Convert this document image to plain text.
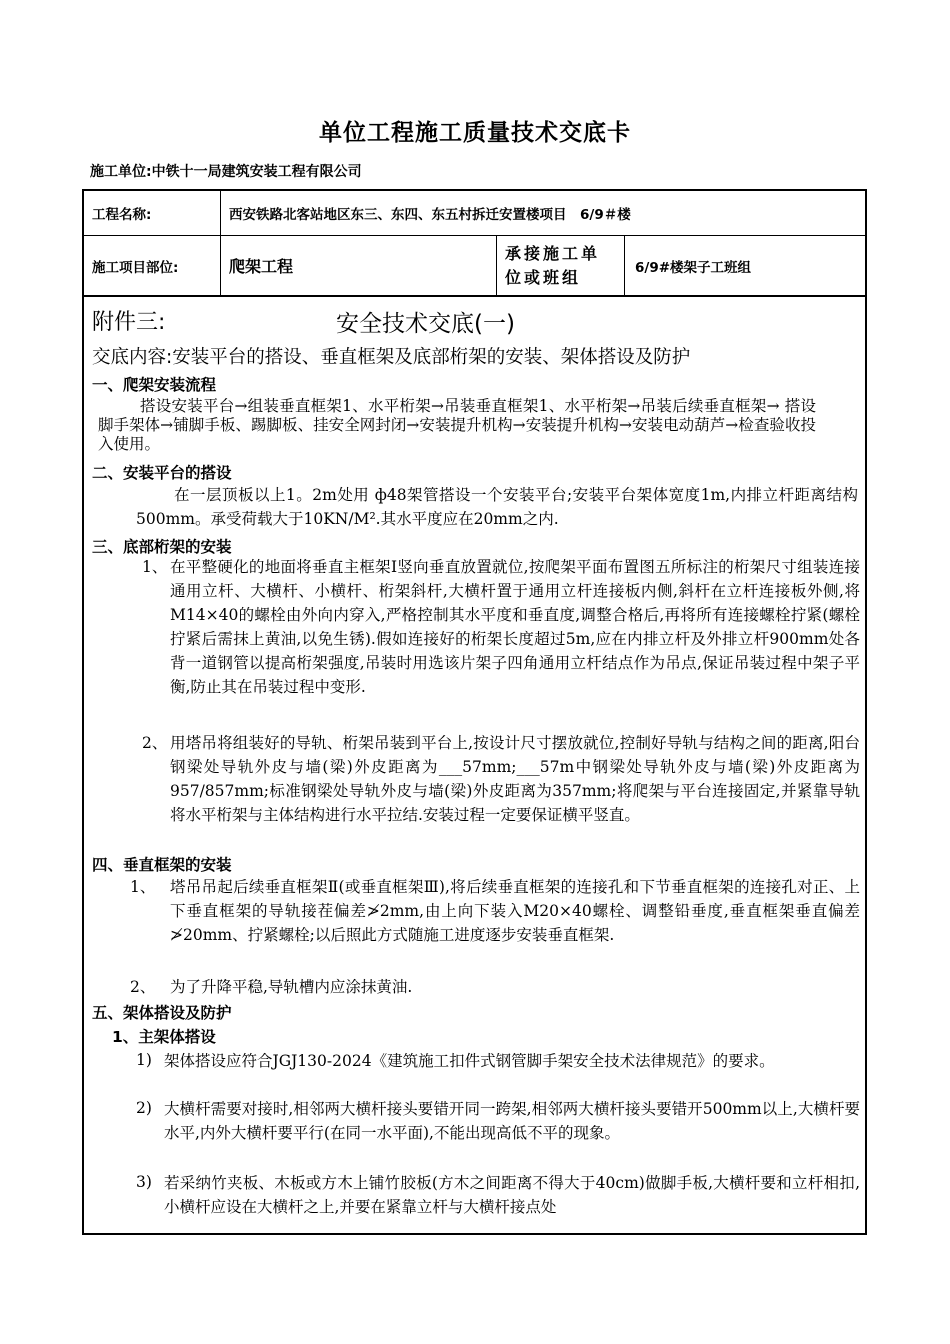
单位工程施工质量技术交底卡
施工单位:中铁十一局建筑安装工程有限公司
工程名称:	西安铁路北客站地区东三、东四、东五村拆迁安置楼项目　6/9＃楼
施工项目部位:	爬架工程
承接施工单位或班组	6/9#楼架子工班组
附件三:	安全技术交底(一)
交底内容:安装平台的搭设、垂直框架及底部桁架的安装、架体搭设及防护
一、爬架安装流程
搭设安装平台→组装垂直框架1、水平桁架→吊装垂直框架1、水平桁架→吊装后续垂直框架→ 搭设脚手架体→铺脚手板、踢脚板、挂安全网封闭→安装提升机构→安装提升机构→安装电动葫芦→检查验收投入使用。
二、安装平台的搭设
在一层顶板以上1。2m处用 ф48架管搭设一个安装平台;安装平台架体宽度1m,内排立杆距离结构500mm。承受荷载大于10KN/M².其水平度应在20mm之内.
三、底部桁架的安装
1、 在平整硬化的地面将垂直主框架Ⅰ竖向垂直放置就位,按爬架平面布置图五所标注的桁架尺寸组装连接通用立杆、大横杆、小横杆、桁架斜杆,大横杆置于通用立杆连接板内侧,斜杆在立杆连接板外侧,将M14×40的螺栓由外向内穿入,严格控制其水平度和垂直度,调整合格后,再将所有连接螺栓拧紧(螺栓拧紧后需抹上黄油,以免生锈).假如连接好的桁架长度超过5m,应在内排立杆及外排立杆900mm处各背一道钢管以提高桁架强度,吊装时用选该片架子四角通用立杆结点作为吊点,保证吊装过程中架子平衡,防止其在吊装过程中变形.
2、 用塔吊将组装好的导轨、桁架吊装到平台上,按设计尺寸摆放就位,控制好导轨与结构之间的距离,阳台钢梁处导轨外皮与墙(梁)外皮距离为___57mm;___57m中钢梁处导轨外皮与墙(梁)外皮距离为957/857mm;标准钢梁处导轨外皮与墙(梁)外皮距离为357mm;将爬架与平台连接固定,并紧靠导轨将水平桁架与主体结构进行水平拉结.安装过程一定要保证横平竖直。
四、垂直框架的安装
1、 塔吊吊起后续垂直框架Ⅱ(或垂直框架Ⅲ),将后续垂直框架的连接孔和下节垂直框架的连接孔对正、上下垂直框架的导轨接茬偏差≯2mm,由上向下装入M20×40螺栓、调整铅垂度,垂直框架垂直偏差≯20mm、拧紧螺栓;以后照此方式随施工进度逐步安装垂直框架.
2、 为了升降平稳,导轨槽内应涂抹黄油.
五、架体搭设及防护
1、主架体搭设
1) 架体搭设应符合JGJ130-2024《建筑施工扣件式钢管脚手架安全技术法律规范》的要求。
2) 大横杆需要对接时,相邻两大横杆接头要错开同一跨架,相邻两大横杆接头要错开500mm以上,大横杆要水平,内外大横杆要平行(在同一水平面),不能出现高低不平的现象。
3) 若采纳竹夹板、木板或方木上铺竹胶板(方木之间距离不得大于40cm)做脚手板,大横杆要和立杆相扣,小横杆应设在大横杆之上,并要在紧靠立杆与大横杆接点处
